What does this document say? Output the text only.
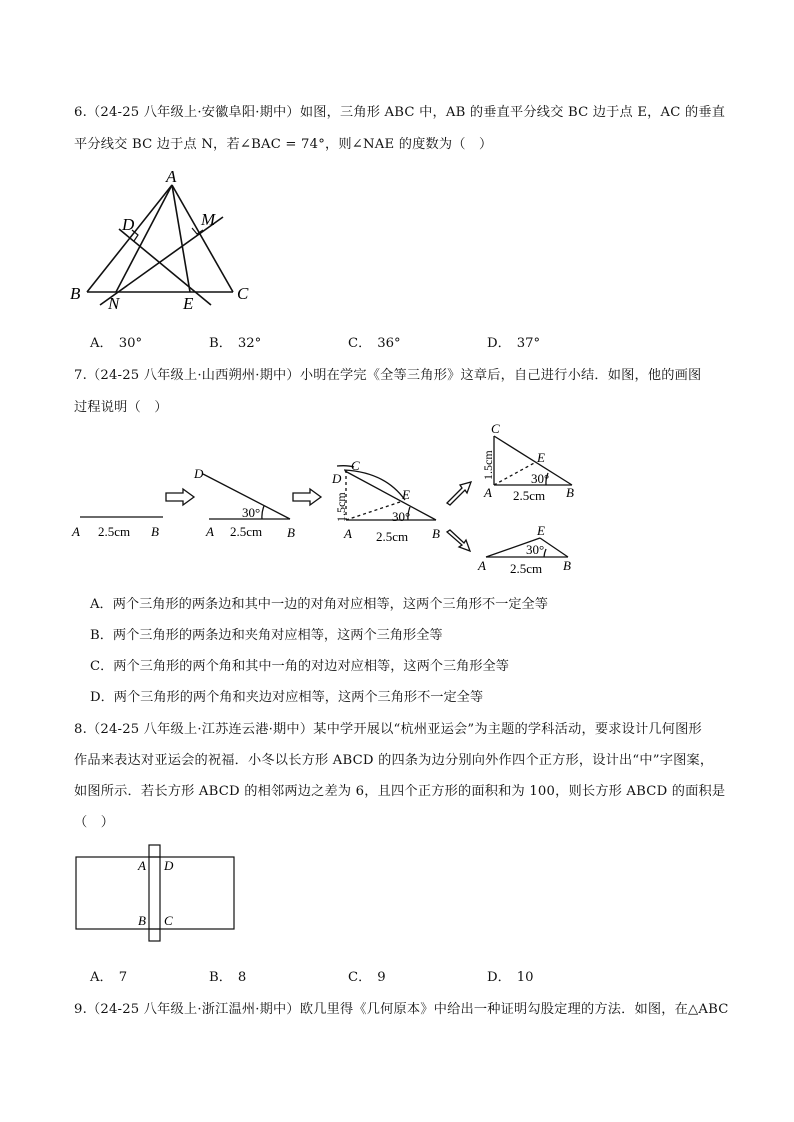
6.（24-25 八年级上·安徽阜阳·期中）如图，三角形 ABC 中，AB 的垂直平分线交 BC 边于点 E，AC 的垂直
平分线交 BC 边于点 N，若∠BAC = 74°，则∠NAE 的度数为（　）
A
B	C
D	M
N	E
A． 30°	B． 32°	C． 36°	D． 37°
7.（24-25 八年级上·山西朔州·期中）小明在学完《全等三角形》这章后，自己进行小结．如图，他的画图
过程说明（　）
A 2.5cm B
D
30°
A 2.5cm B
D
C
E
1.5cm	30°
A 2.5cm B
C
E
1.5cm	30°
A 2.5cm B
E
30°
A 2.5cm B
A．两个三角形的两条边和其中一边的对角对应相等，这两个三角形不一定全等
B．两个三角形的两条边和夹角对应相等，这两个三角形全等
C．两个三角形的两个角和其中一角的对边对应相等，这两个三角形全等
D．两个三角形的两个角和夹边对应相等，这两个三角形不一定全等
8.（24-25 八年级上·江苏连云港·期中）某中学开展以“杭州亚运会”为主题的学科活动，要求设计几何图形
作品来表达对亚运会的祝福．小冬以长方形 ABCD 的四条为边分别向外作四个正方形，设计出“中”字图案，
如图所示．若长方形 ABCD 的相邻两边之差为 6，且四个正方形的面积和为 100，则长方形 ABCD 的面积是
（　）
A D
B C
A． 7	B． 8	C． 9	D． 10
9.（24-25 八年级上·浙江温州·期中）欧几里得《几何原本》中给出一种证明勾股定理的方法．如图，在△ABC
